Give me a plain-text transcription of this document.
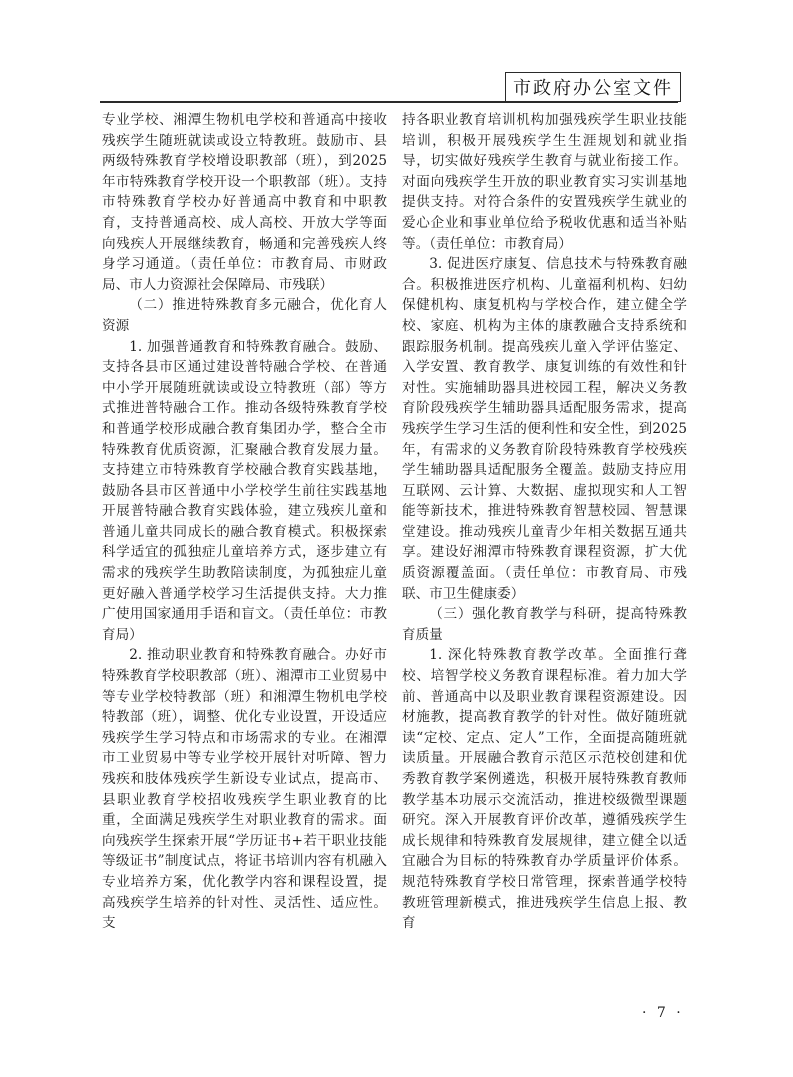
市政府办公室文件

专业学校、湘潭生物机电学校和普通高中接收残疾学生随班就读或设立特教班。鼓励市、县两级特殊教育学校增设职教部（班），到2025年市特殊教育学校开设一个职教部（班）。支持市特殊教育学校办好普通高中教育和中职教育，支持普通高校、成人高校、开放大学等面向残疾人开展继续教育，畅通和完善残疾人终身学习通道。（责任单位：市教育局、市财政局、市人力资源社会保障局、市残联）

（二）推进特殊教育多元融合，优化育人资源

1. 加强普通教育和特殊教育融合。鼓励、支持各县市区通过建设普特融合学校、在普通中小学开展随班就读或设立特教班（部）等方式推进普特融合工作。推动各级特殊教育学校和普通学校形成融合教育集团办学，整合全市特殊教育优质资源，汇聚融合教育发展力量。支持建立市特殊教育学校融合教育实践基地，鼓励各县市区普通中小学校学生前往实践基地开展普特融合教育实践体验，建立残疾儿童和普通儿童共同成长的融合教育模式。积极探索科学适宜的孤独症儿童培养方式，逐步建立有需求的残疾学生助教陪读制度，为孤独症儿童更好融入普通学校学习生活提供支持。大力推广使用国家通用手语和盲文。（责任单位：市教育局）

2. 推动职业教育和特殊教育融合。办好市特殊教育学校职教部（班）、湘潭市工业贸易中等专业学校特教部（班）和湘潭生物机电学校特教部（班），调整、优化专业设置，开设适应残疾学生学习特点和市场需求的专业。在湘潭市工业贸易中等专业学校开展针对听障、智力残疾和肢体残疾学生新设专业试点，提高市、县职业教育学校招收残疾学生职业教育的比重，全面满足残疾学生对职业教育的需求。面向残疾学生探索开展“学历证书+若干职业技能等级证书”制度试点，将证书培训内容有机融入专业培养方案，优化教学内容和课程设置，提高残疾学生培养的针对性、灵活性、适应性。支

持各职业教育培训机构加强残疾学生职业技能培训，积极开展残疾学生生涯规划和就业指导，切实做好残疾学生教育与就业衔接工作。对面向残疾学生开放的职业教育实习实训基地提供支持。对符合条件的安置残疾学生就业的爱心企业和事业单位给予税收优惠和适当补贴等。（责任单位：市教育局）

3. 促进医疗康复、信息技术与特殊教育融合。积极推进医疗机构、儿童福利机构、妇幼保健机构、康复机构与学校合作，建立健全学校、家庭、机构为主体的康教融合支持系统和跟踪服务机制。提高残疾儿童入学评估鉴定、入学安置、教育教学、康复训练的有效性和针对性。实施辅助器具进校园工程，解决义务教育阶段残疾学生辅助器具适配服务需求，提高残疾学生学习生活的便利性和安全性，到2025年，有需求的义务教育阶段特殊教育学校残疾学生辅助器具适配服务全覆盖。鼓励支持应用互联网、云计算、大数据、虚拟现实和人工智能等新技术，推进特殊教育智慧校园、智慧课堂建设。推动残疾儿童青少年相关数据互通共享。建设好湘潭市特殊教育课程资源，扩大优质资源覆盖面。（责任单位：市教育局、市残联、市卫生健康委）

（三）强化教育教学与科研，提高特殊教育质量

1. 深化特殊教育教学改革。全面推行聋校、培智学校义务教育课程标准。着力加大学前、普通高中以及职业教育课程资源建设。因材施教，提高教育教学的针对性。做好随班就读“定校、定点、定人”工作，全面提高随班就读质量。开展融合教育示范区示范校创建和优秀教育教学案例遴选，积极开展特殊教育教师教学基本功展示交流活动，推进校级微型课题研究。深入开展教育评价改革，遵循残疾学生成长规律和特殊教育发展规律，建立健全以适宜融合为目标的特殊教育办学质量评价体系。规范特殊教育学校日常管理，探索普通学校特教班管理新模式，推进残疾学生信息上报、教育

· 7 ·
